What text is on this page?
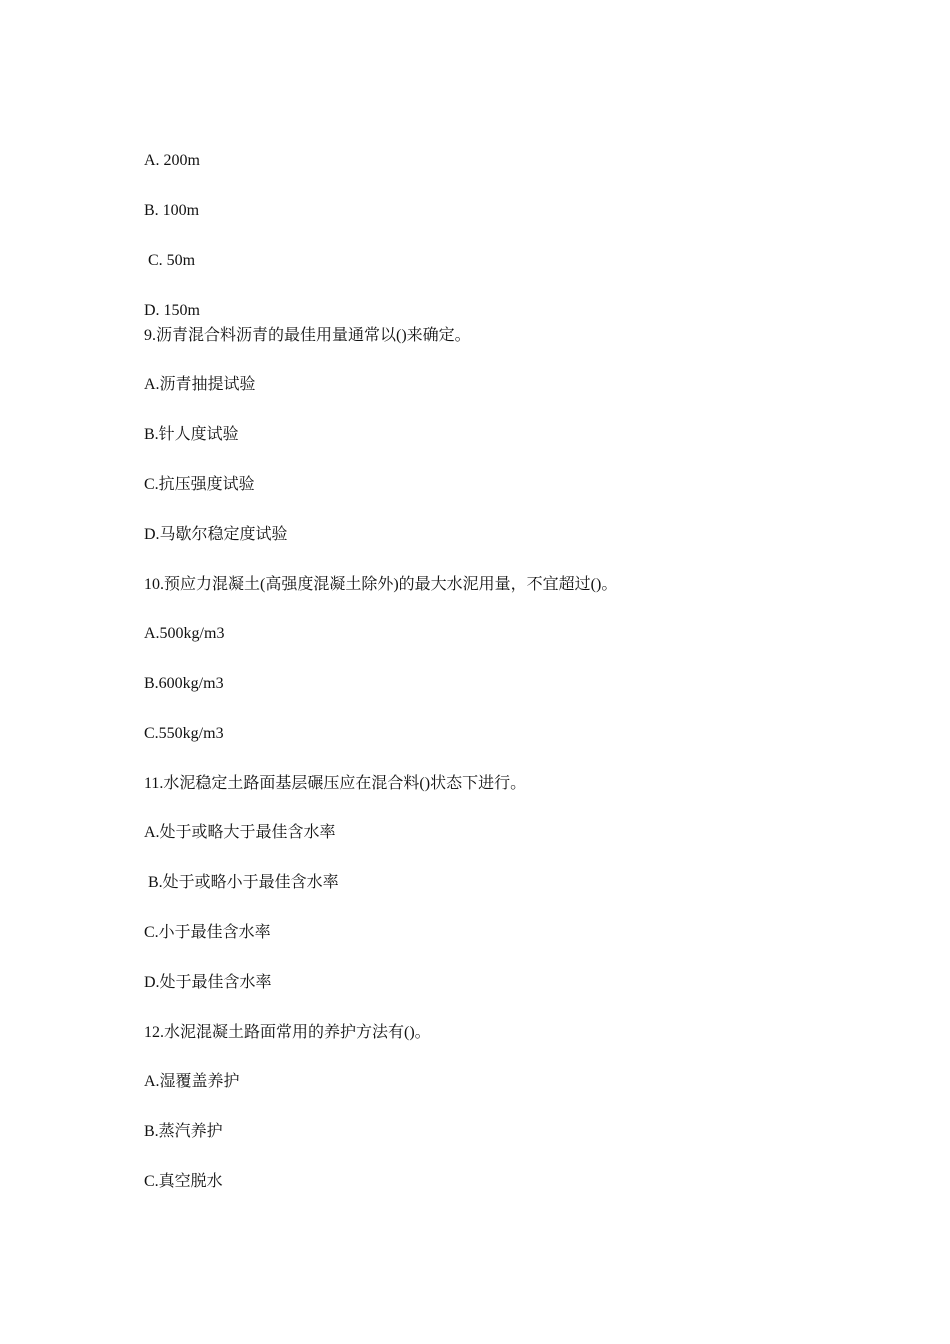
A. 200m
B. 100m
C. 50m
D. 150m
9.沥青混合料沥青的最佳用量通常以()来确定。
A.沥青抽提试验
B.针人度试验
C.抗压强度试验
D.马歇尔稳定度试验
10.预应力混凝土(高强度混凝土除外)的最大水泥用量，不宜超过()。
A.500kg/m3
B.600kg/m3
C.550kg/m3
11.水泥稳定土路面基层碾压应在混合料()状态下进行。
A.处于或略大于最佳含水率
B.处于或略小于最佳含水率
C.小于最佳含水率
D.处于最佳含水率
12.水泥混凝土路面常用的养护方法有()。
A.湿覆盖养护
B.蒸汽养护
C.真空脱水
